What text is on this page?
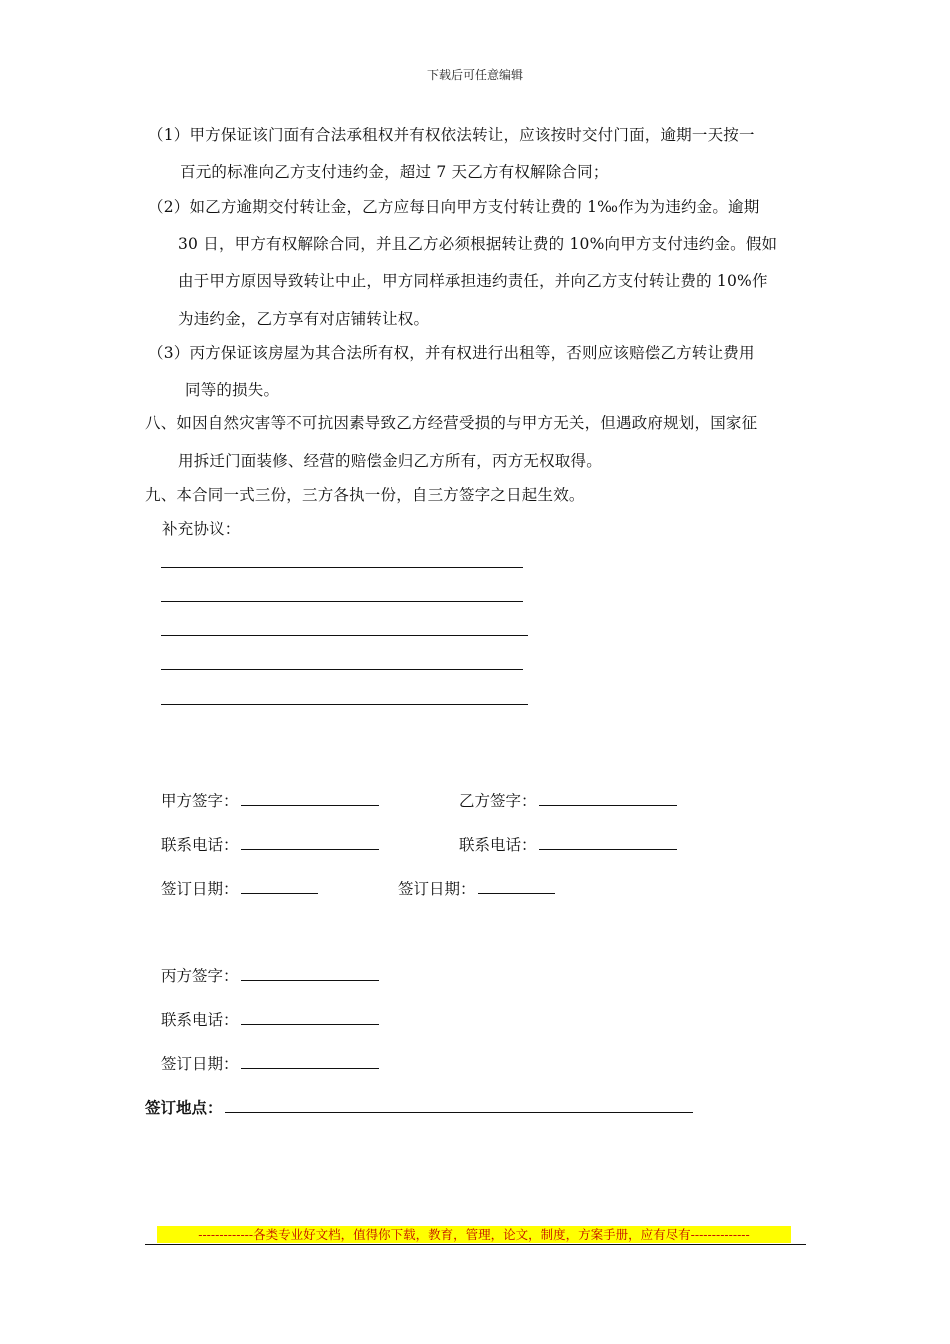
下载后可任意编辑
（1）甲方保证该门面有合法承租权并有权依法转让，应该按时交付门面，逾期一天按一
百元的标准向乙方支付违约金，超过 7 天乙方有权解除合同；
（2）如乙方逾期交付转让金，乙方应每日向甲方支付转让费的 1‰作为为违约金。逾期
30 日，甲方有权解除合同，并且乙方必须根据转让费的 10%向甲方支付违约金。假如
由于甲方原因导致转让中止，甲方同样承担违约责任，并向乙方支付转让费的 10%作
为违约金，乙方享有对店铺转让权。
（3）丙方保证该房屋为其合法所有权，并有权进行出租等，否则应该赔偿乙方转让费用
同等的损失。
八、如因自然灾害等不可抗因素导致乙方经营受损的与甲方无关，但遇政府规划，国家征
用拆迁门面装修、经营的赔偿金归乙方所有，丙方无权取得。
九、本合同一式三份，三方各执一份，自三方签字之日起生效。
补充协议：
甲方签字：	乙方签字：
联系电话：	联系电话：
签订日期：	签订日期：
丙方签字：
联系电话：
签订日期：
签订地点：
-------------各类专业好文档，值得你下载，教育，管理，论文，制度，方案手册，应有尽有--------------
